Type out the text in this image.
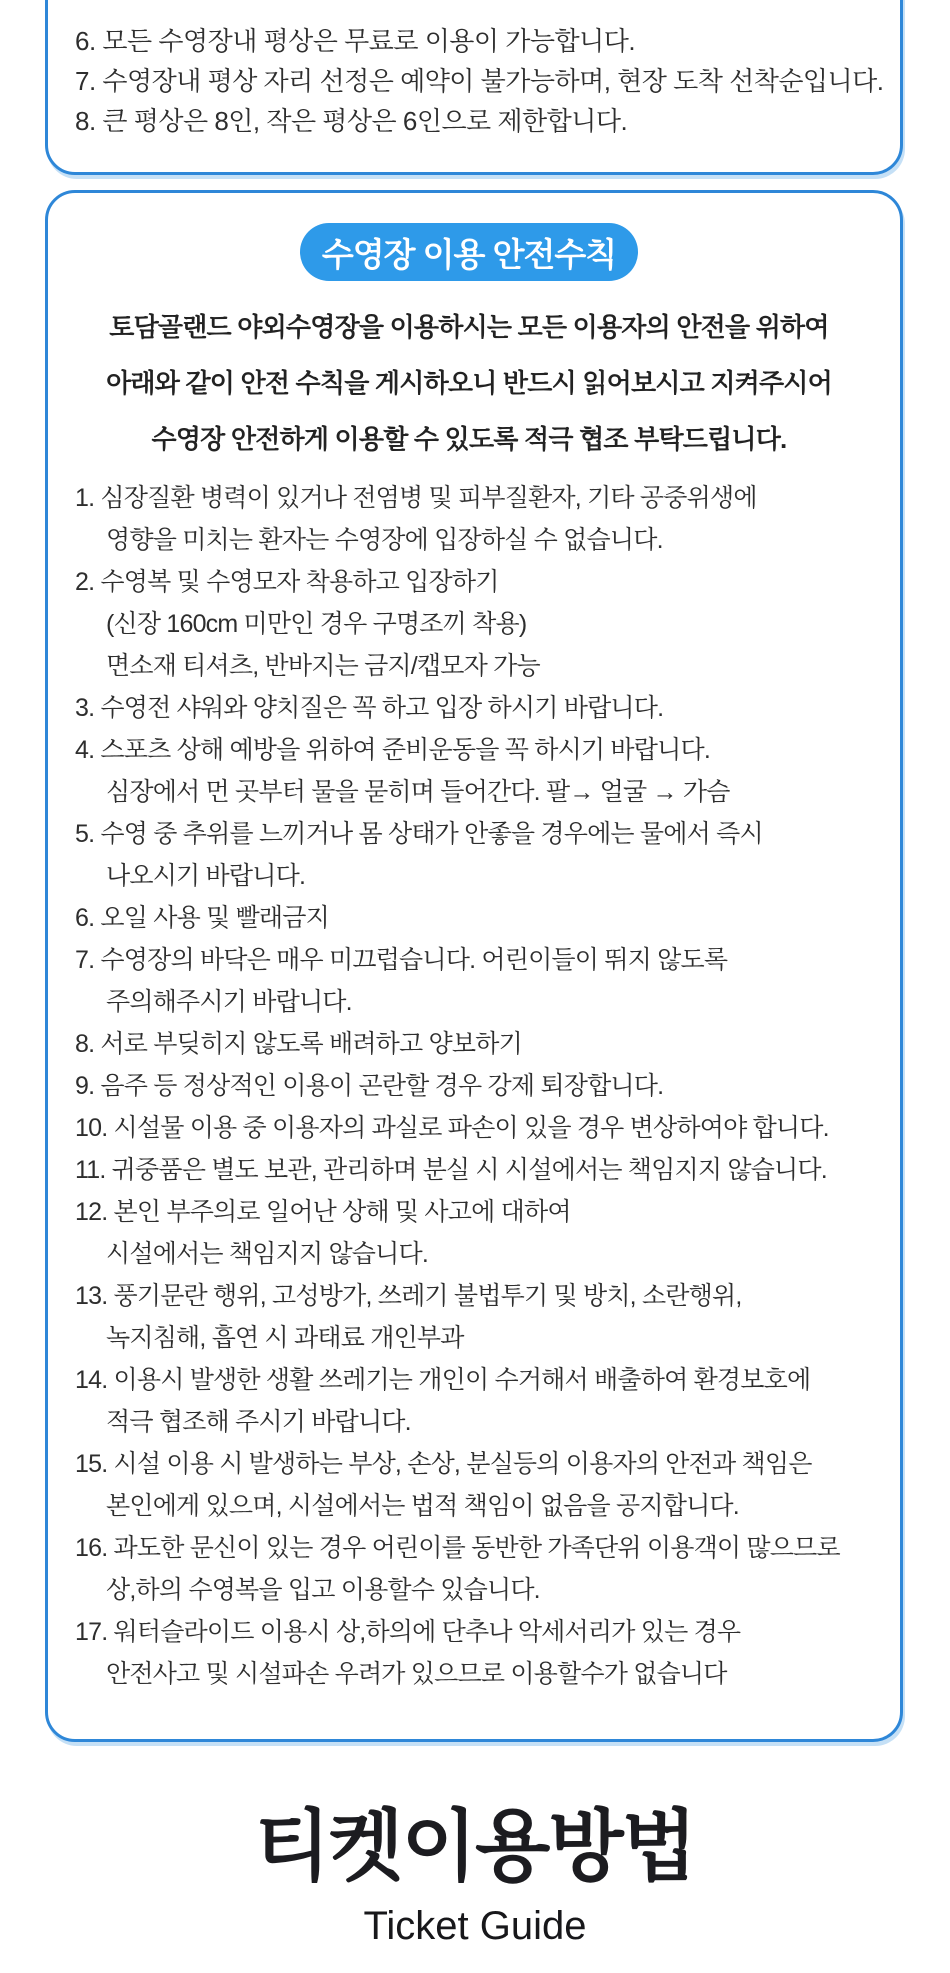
6. 모든 수영장내 평상은 무료로 이용이 가능합니다.
7. 수영장내 평상 자리 선정은 예약이 불가능하며, 현장 도착 선착순입니다.
8. 큰 평상은 8인, 작은 평상은 6인으로 제한합니다.
수영장 이용 안전수칙
토담골랜드 야외수영장을 이용하시는 모든 이용자의 안전을 위하여
아래와 같이 안전 수칙을 게시하오니 반드시 읽어보시고 지켜주시어
수영장 안전하게 이용할 수 있도록 적극 협조 부탁드립니다.
1. 심장질환 병력이 있거나 전염병 및 피부질환자, 기타 공중위생에
영향을 미치는 환자는 수영장에 입장하실 수 없습니다.
2. 수영복 및 수영모자 착용하고 입장하기
(신장 160cm 미만인 경우 구명조끼 착용)
면소재 티셔츠, 반바지는 금지/캡모자 가능
3. 수영전 샤워와 양치질은 꼭 하고 입장 하시기 바랍니다.
4. 스포츠 상해 예방을 위하여 준비운동을 꼭 하시기 바랍니다.
심장에서 먼 곳부터 물을 묻히며 들어간다. 팔→ 얼굴 → 가슴
5. 수영 중 추위를 느끼거나 몸 상태가 안좋을 경우에는 물에서 즉시
나오시기 바랍니다.
6. 오일 사용 및 빨래금지
7. 수영장의 바닥은 매우 미끄럽습니다. 어린이들이 뛰지 않도록
주의해주시기 바랍니다.
8. 서로 부딪히지 않도록 배려하고 양보하기
9. 음주 등 정상적인 이용이 곤란할 경우 강제 퇴장합니다.
10. 시설물 이용 중 이용자의 과실로 파손이 있을 경우 변상하여야 합니다.
11. 귀중품은 별도 보관, 관리하며 분실 시 시설에서는 책임지지 않습니다.
12. 본인 부주의로 일어난 상해 및 사고에 대하여
시설에서는 책임지지 않습니다.
13. 풍기문란 행위, 고성방가, 쓰레기 불법투기 및 방치, 소란행위,
녹지침해, 흡연 시 과태료 개인부과
14. 이용시 발생한 생활 쓰레기는 개인이 수거해서 배출하여 환경보호에
적극 협조해 주시기 바랍니다.
15. 시설 이용 시 발생하는 부상, 손상, 분실등의 이용자의 안전과 책임은
본인에게 있으며, 시설에서는 법적 책임이 없음을 공지합니다.
16. 과도한 문신이 있는 경우 어린이를 동반한 가족단위 이용객이 많으므로
상,하의 수영복을 입고 이용할수 있습니다.
17. 워터슬라이드 이용시 상,하의에 단추나 악세서리가 있는 경우
안전사고 및 시설파손 우려가 있으므로 이용할수가 없습니다
티켓이용방법
Ticket Guide
